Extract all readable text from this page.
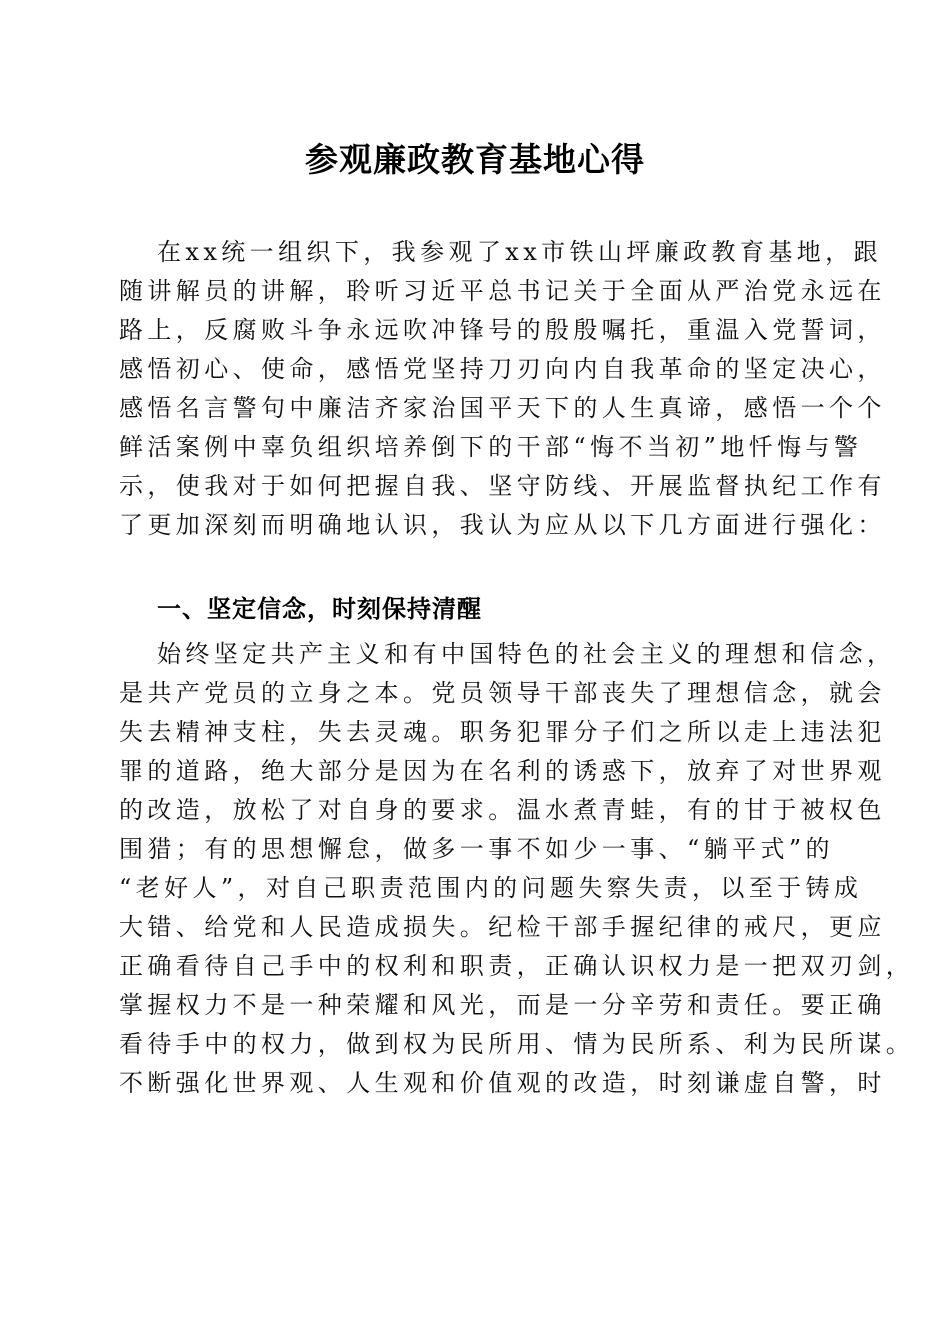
参观廉政教育基地心得
在xx统一组织下，我参观了xx市铁山坪廉政教育基地，跟
随讲解员的讲解，聆听习近平总书记关于全面从严治党永远在
路上，反腐败斗争永远吹冲锋号的殷殷嘱托，重温入党誓词，
感悟初心、使命，感悟党坚持刀刃向内自我革命的坚定决心，
感悟名言警句中廉洁齐家治国平天下的人生真谛，感悟一个个
鲜活案例中辜负组织培养倒下的干部“悔不当初”地忏悔与警
示，使我对于如何把握自我、坚守防线、开展监督执纪工作有
了更加深刻而明确地认识，我认为应从以下几方面进行强化：
一、坚定信念，时刻保持清醒
始终坚定共产主义和有中国特色的社会主义的理想和信念，
是共产党员的立身之本。党员领导干部丧失了理想信念，就会
失去精神支柱，失去灵魂。职务犯罪分子们之所以走上违法犯
罪的道路，绝大部分是因为在名利的诱惑下，放弃了对世界观
的改造，放松了对自身的要求。温水煮青蛙，有的甘于被权色
围猎；有的思想懈怠，做多一事不如少一事、“躺平式”的
“老好人”，对自己职责范围内的问题失察失责，以至于铸成
大错、给党和人民造成损失。纪检干部手握纪律的戒尺，更应
正确看待自己手中的权利和职责，正确认识权力是一把双刃剑，
掌握权力不是一种荣耀和风光，而是一分辛劳和责任。要正确
看待手中的权力，做到权为民所用、情为民所系、利为民所谋。
不断强化世界观、人生观和价值观的改造，时刻谦虚自警，时
